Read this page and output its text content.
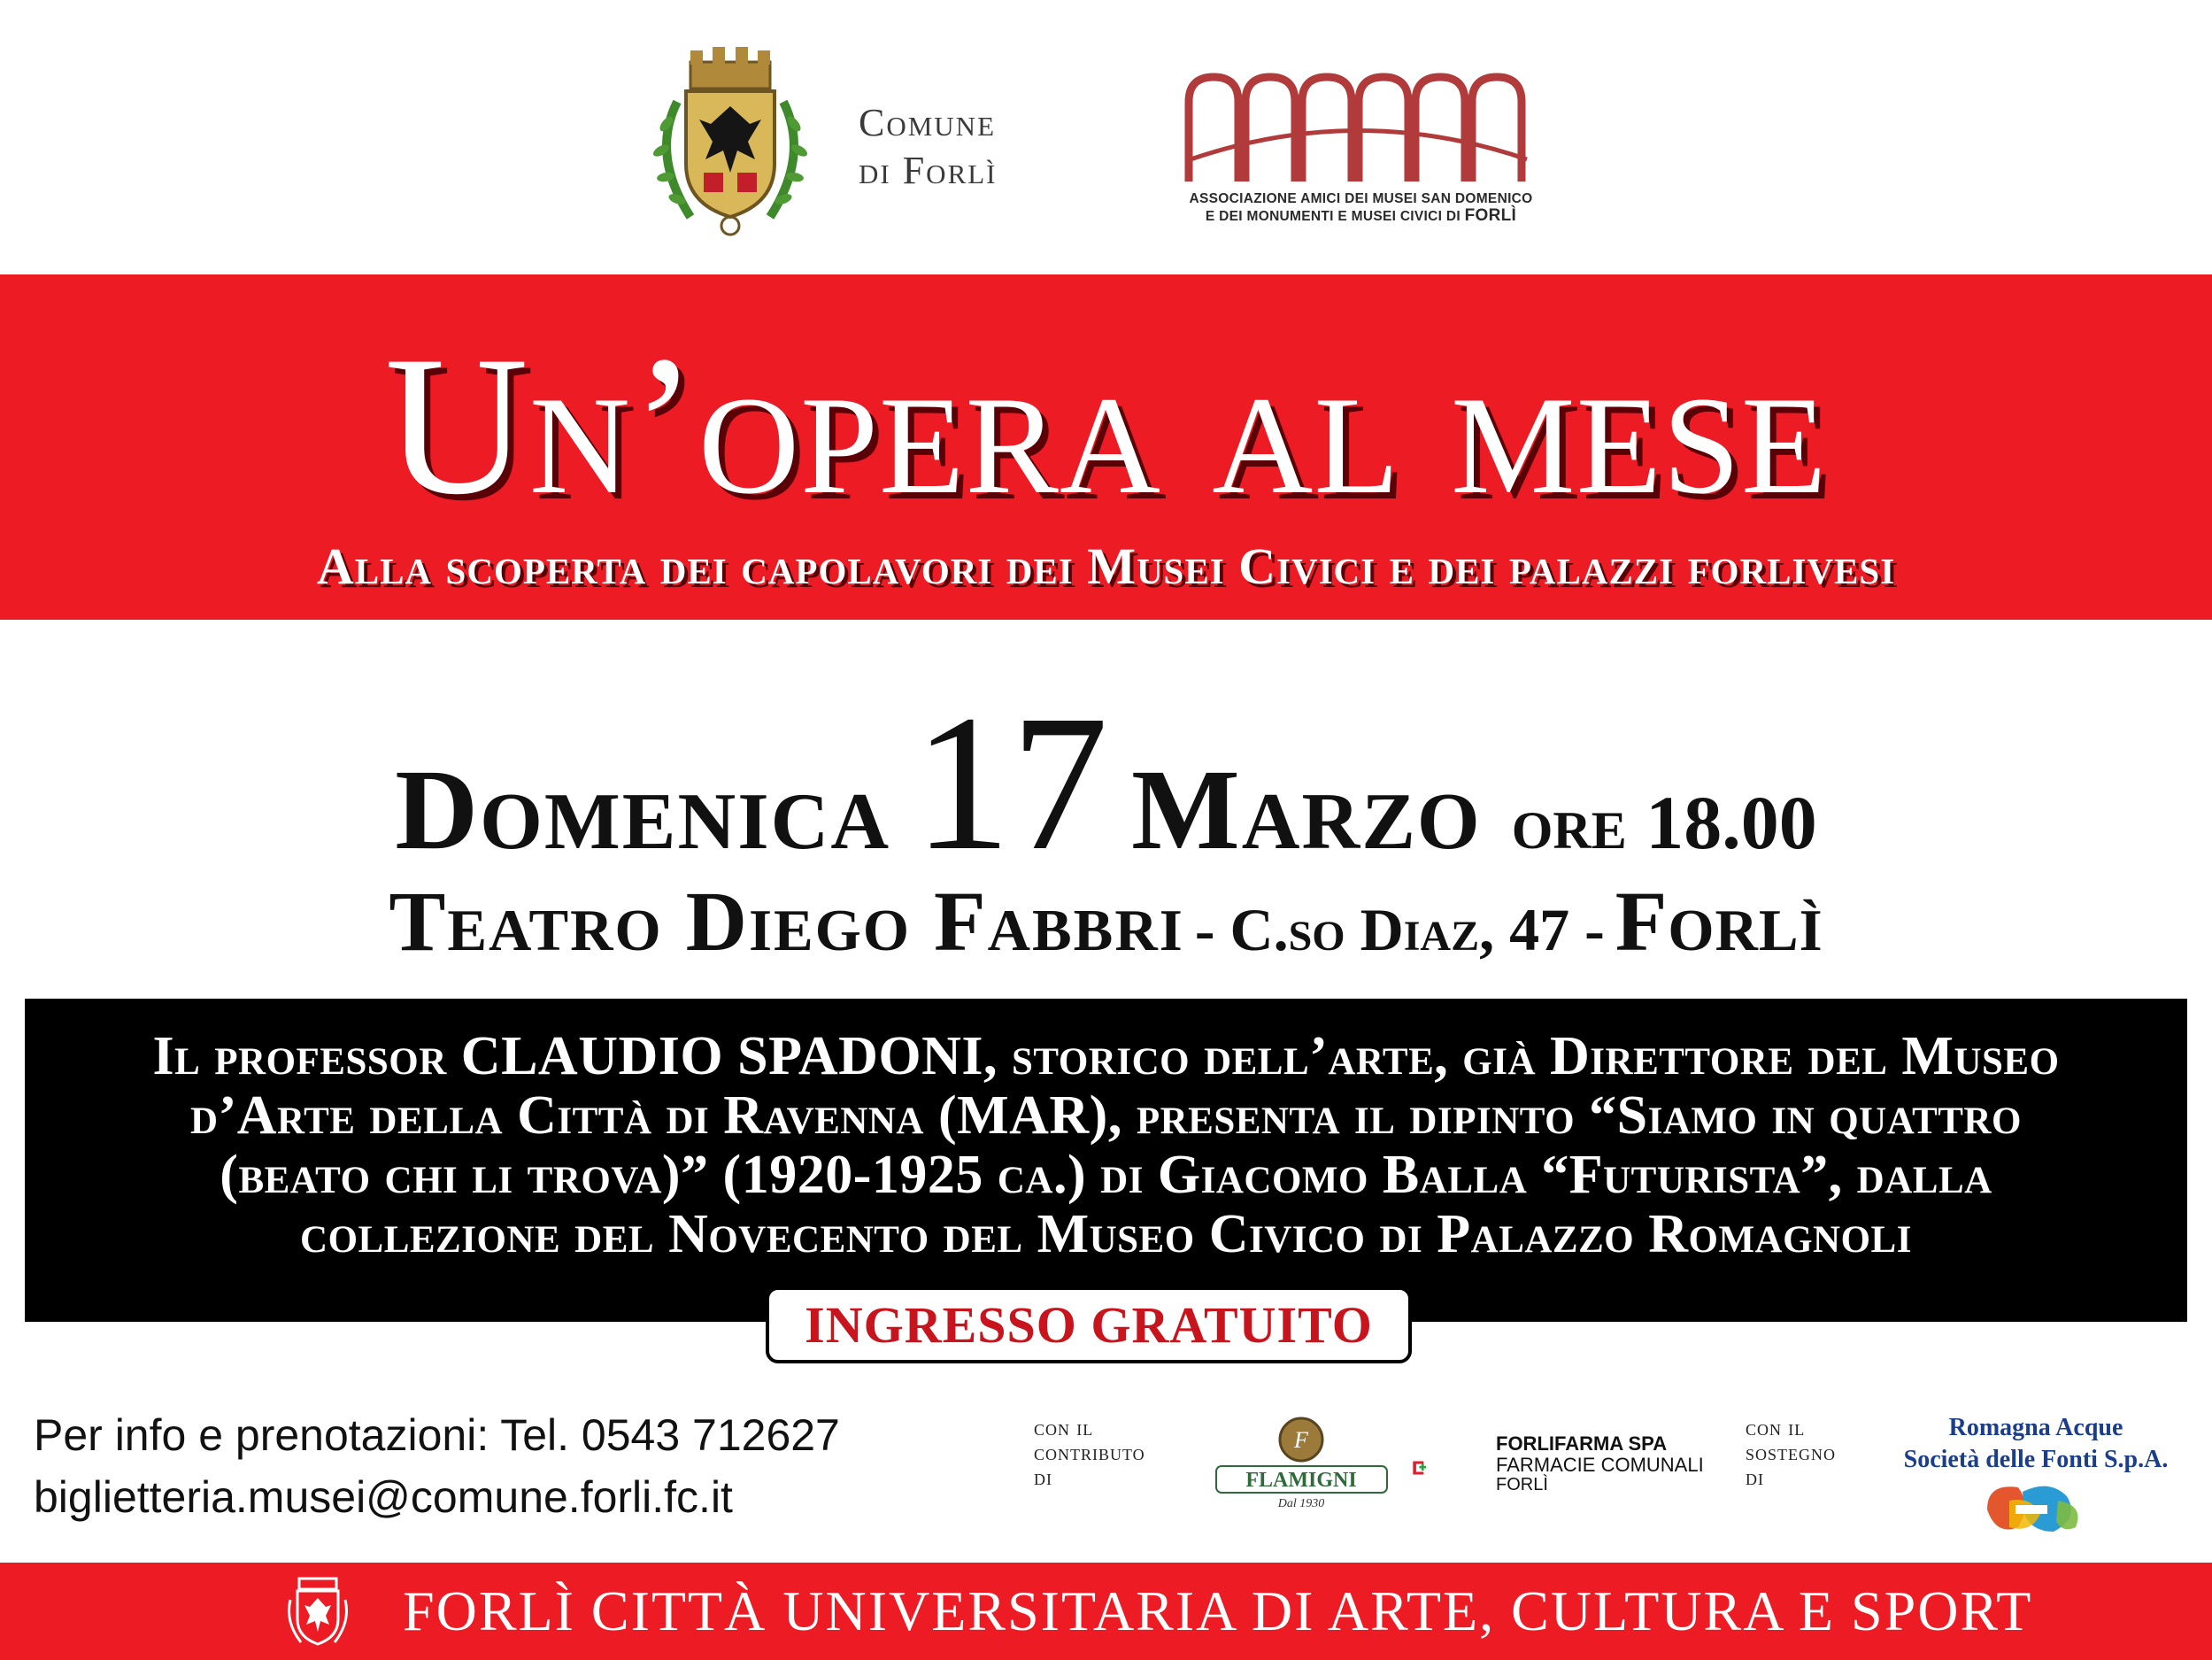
Comune
di Forlì
ASSOCIAZIONE AMICI DEI MUSEI SAN DOMENICO
E DEI MONUMENTI E MUSEI CIVICI DI FORLÌ
Un’opera al mese
Alla scoperta dei capolavori dei Musei Civici e dei palazzi forlivesi
Domenica 17 Marzo ore 18.00
Teatro Diego Fabbri - C.so Diaz, 47 - Forlì
Il professor CLAUDIO SPADONI, storico dell’arte, già Direttore del Museo
d’Arte della Città di Ravenna (MAR), presenta il dipinto “Siamo in quattro
(beato chi li trova)” (1920-1925 ca.) di Giacomo Balla “Futurista”, dalla
collezione del Novecento del Museo Civico di Palazzo Romagnoli
INGRESSO GRATUITO
Per info e prenotazioni: Tel. 0543 712627
biglietteria.musei@comune.forli.fc.it
con il
contributo
di
F
FLAMIGNI
Dal 1930
FORLIFARMA SPA
FARMACIE COMUNALI
FORLÌ
con il
sostegno
di
Romagna Acque
Società delle Fonti S.p.A.
FORLÌ CITTÀ UNIVERSITARIA DI ARTE, CULTURA E SPORT
